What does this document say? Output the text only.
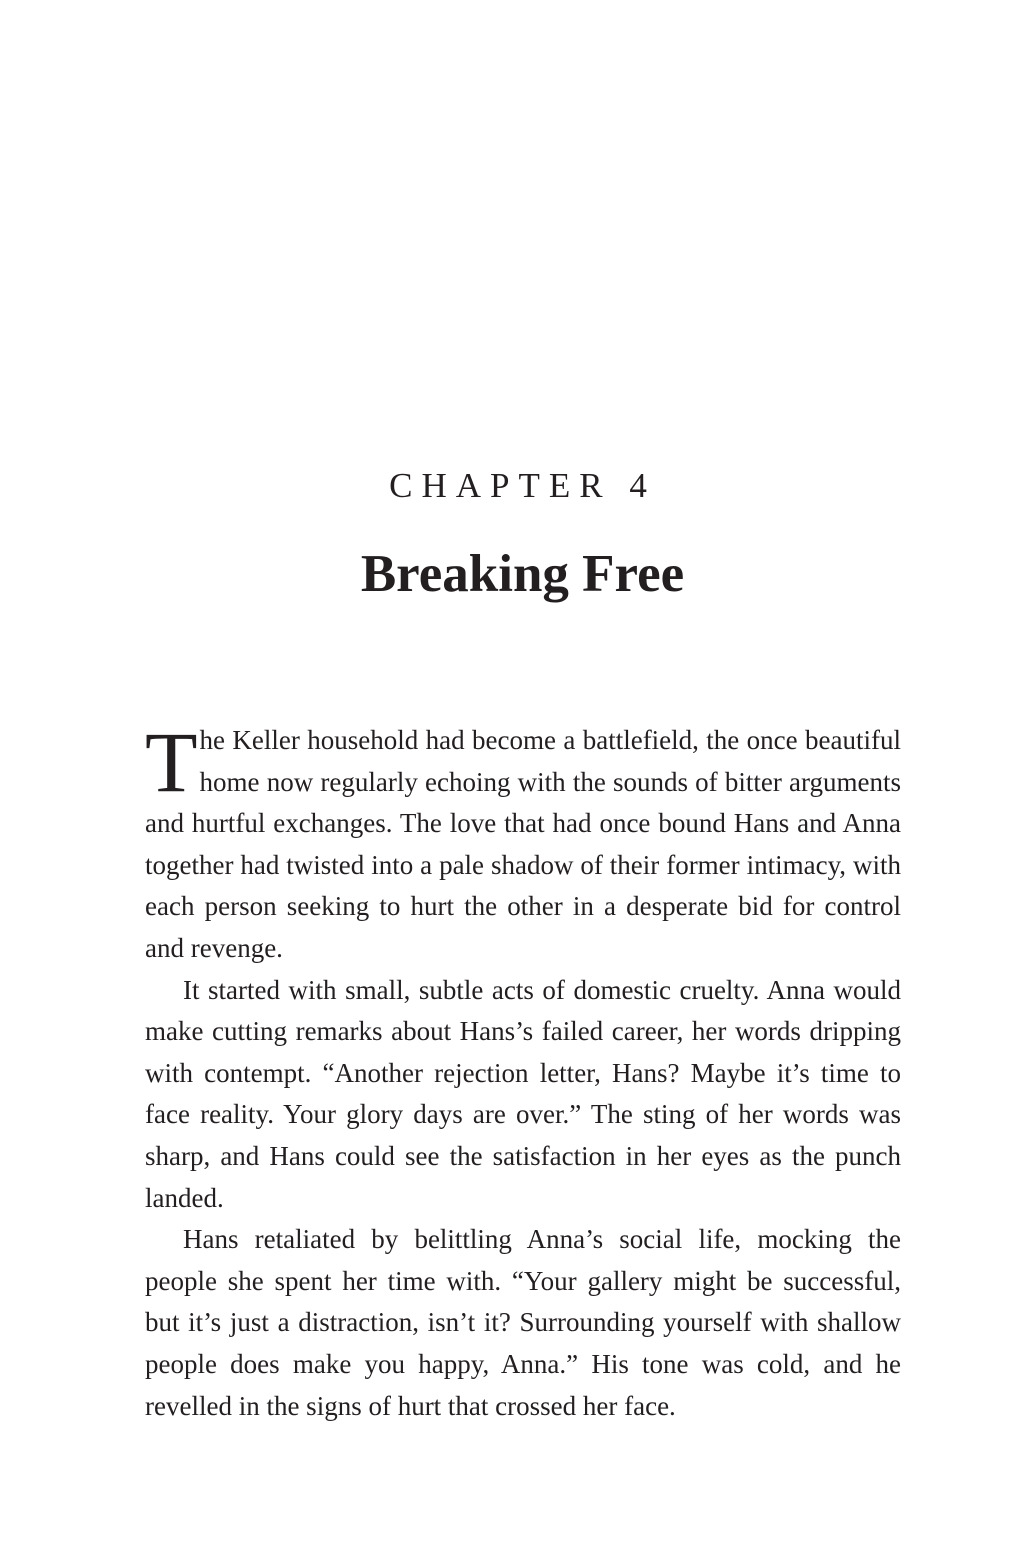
CHAPTER 4
Breaking Free

The Keller household had become a battlefield, the once beautiful home now regularly echoing with the sounds of bitter arguments and hurtful exchanges. The love that had once bound Hans and Anna together had twisted into a pale shadow of their former intimacy, with each person seeking to hurt the other in a desperate bid for control and revenge.

It started with small, subtle acts of domestic cruelty. Anna would make cutting remarks about Hans’s failed career, her words dripping with contempt. “Another rejection letter, Hans? Maybe it’s time to face reality. Your glory days are over.” The sting of her words was sharp, and Hans could see the satisfaction in her eyes as the punch landed.

Hans retaliated by belittling Anna’s social life, mocking the people she spent her time with. “Your gallery might be successful, but it’s just a distraction, isn’t it? Surrounding yourself with shallow people does make you happy, Anna.” His tone was cold, and he revelled in the signs of hurt that crossed her face.
